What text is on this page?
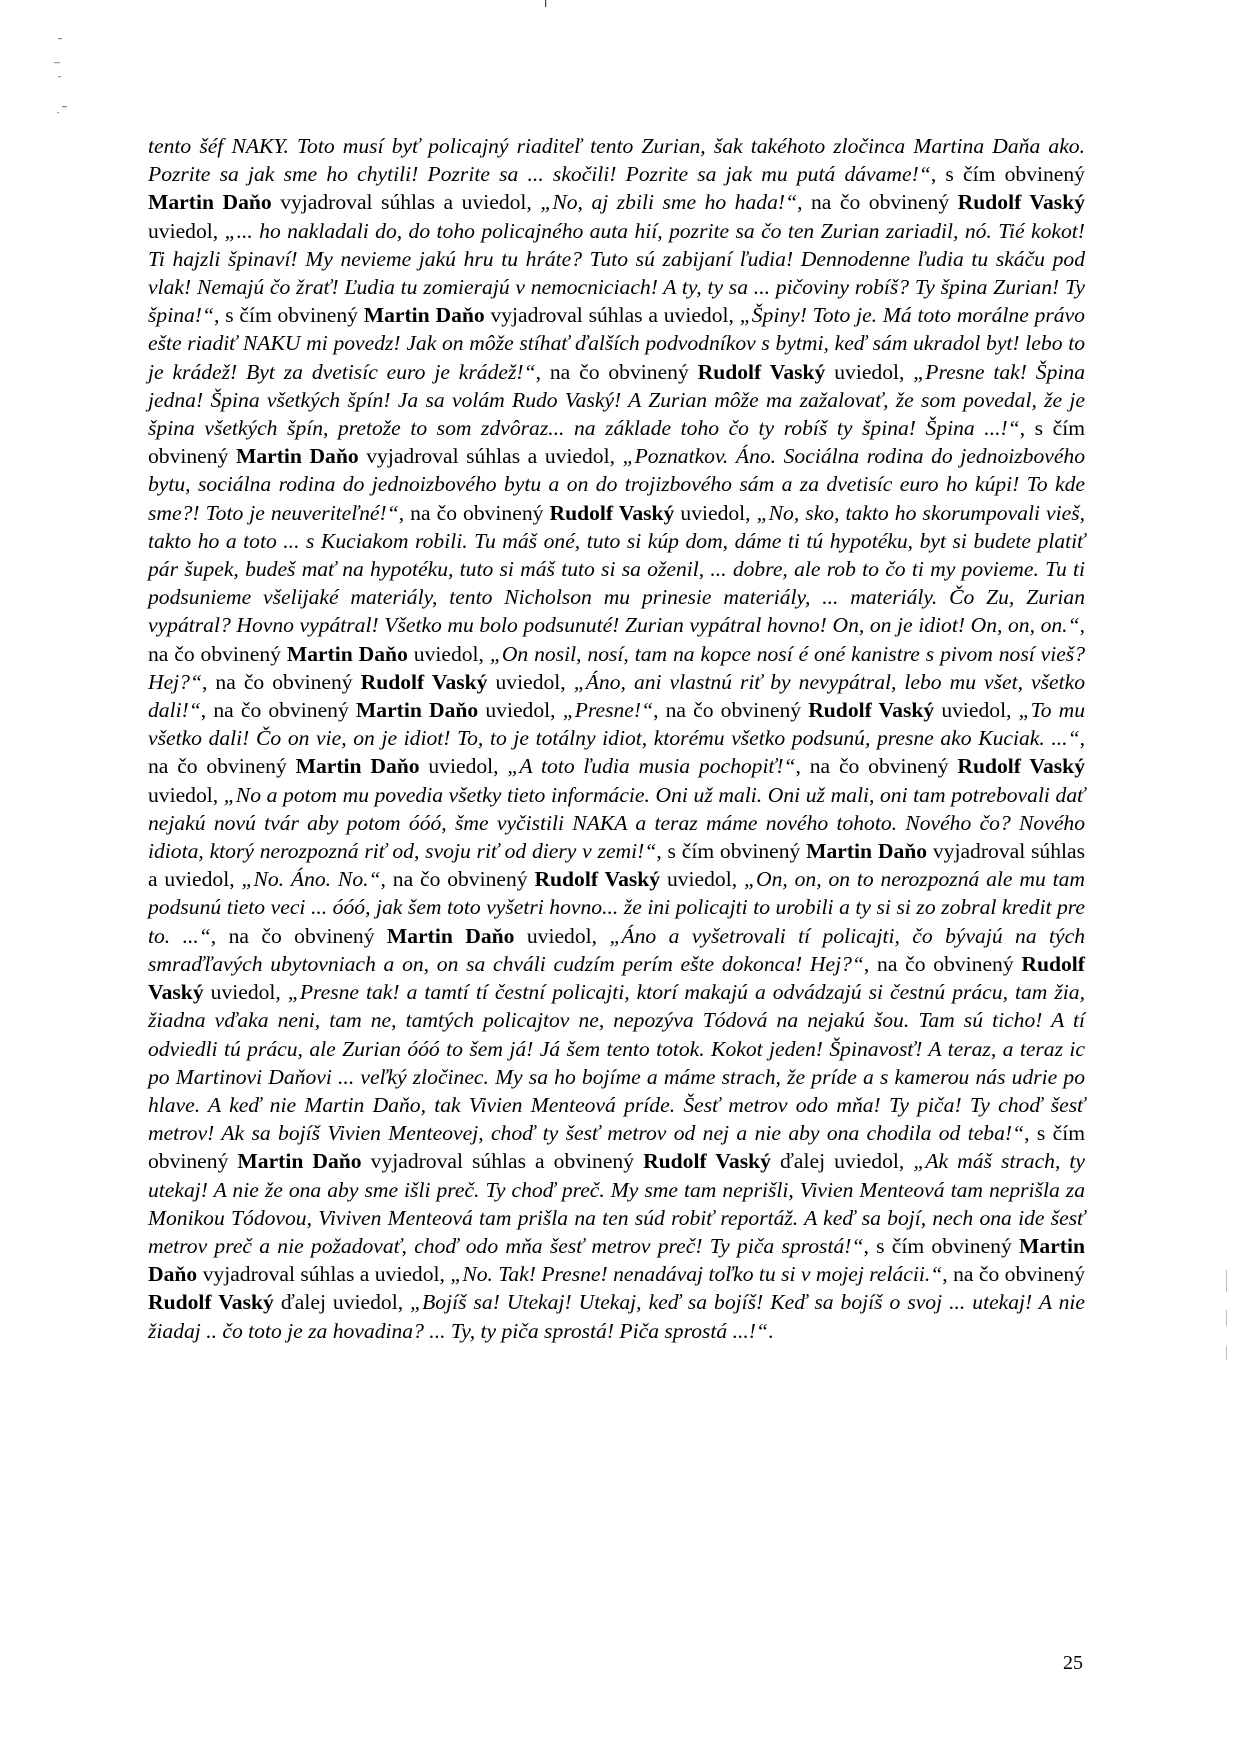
tento šéf NAKY. Toto musí byť policajný riaditeľ tento Zurian, šak takéhoto zločinca Martina Daňa ako. Pozrite sa jak sme ho chytili! Pozrite sa ... skočili! Pozrite sa jak mu putá dávame!“, s čím obvinený Martin Daňo vyjadroval súhlas a uviedol, „No, aj zbili sme ho hada!“, na čo obvinený Rudolf Vaský uviedol, „... ho nakladali do, do toho policajného auta hií, pozrite sa čo ten Zurian zariadil, nó. Tié kokot! Ti hajzli špinaví! My nevieme jakú hru tu hráte? Tuto sú zabijaní ľudia! Dennodenne ľudia tu skáču pod vlak! Nemajú čo žrať! Ľudia tu zomierajú v nemocniciach! A ty, ty sa ... pičoviny robíš? Ty špina Zurian! Ty špina!“, s čím obvinený Martin Daňo vyjadroval súhlas a uviedol, „Špiny! Toto je. Má toto morálne právo ešte riadiť NAKU mi povedz! Jak on môže stíhať ďalších podvodníkov s bytmi, keď sám ukradol byt! lebo to je krádež! Byt za dvetisíc euro je krádež!“, na čo obvinený Rudolf Vaský uviedol, „Presne tak! Špina jedna! Špina všetkých špín! Ja sa volám Rudo Vaský! A Zurian môže ma zažalovať, že som povedal, že je špina všetkých špín, pretože to som zdvôraz... na základe toho čo ty robíš ty špina! Špina ...!“, s čím obvinený Martin Daňo vyjadroval súhlas a uviedol, „Poznatkov. Áno. Sociálna rodina do jednoizbového bytu, sociálna rodina do jednoizbového bytu a on do trojizbového sám a za dvetisíc euro ho kúpi! To kde sme?! Toto je neuveriteľné!“, na čo obvinený Rudolf Vaský uviedol, „No, sko, takto ho skorumpovali vieš, takto ho a toto ... s Kuciakom robili. Tu máš oné, tuto si kúp dom, dáme ti tú hypotéku, byt si budete platiť pár šupek, budeš mať na hypotéku, tuto si máš tuto si sa oženil, ... dobre, ale rob to čo ti my povieme. Tu ti podsunieme všelijaké materiály, tento Nicholson mu prinesie materiály, ... materiály. Čo Zu, Zurian vypátral? Hovno vypátral! Všetko mu bolo podsunuté! Zurian vypátral hovno! On, on je idiot! On, on, on.“, na čo obvinený Martin Daňo uviedol, „On nosil, nosí, tam na kopce nosí é oné kanistre s pivom nosí vieš? Hej?“, na čo obvinený Rudolf Vaský uviedol, „Áno, ani vlastnú riť by nevypátral, lebo mu všet, všetko dali!“, na čo obvinený Martin Daňo uviedol, „Presne!“, na čo obvinený Rudolf Vaský uviedol, „To mu všetko dali! Čo on vie, on je idiot! To, to je totálny idiot, ktorému všetko podsunú, presne ako Kuciak. ...“, na čo obvinený Martin Daňo uviedol, „A toto ľudia musia pochopiť!“, na čo obvinený Rudolf Vaský uviedol, „No a potom mu povedia všetky tieto informácie. Oni už mali. Oni už mali, oni tam potrebovali dať nejakú novú tvár aby potom óóó, šme vyčistili NAKA a teraz máme nového tohoto. Nového čo? Nového idiota, ktorý nerozpozná riť od, svoju riť od diery v zemi!“, s čím obvinený Martin Daňo vyjadroval súhlas a uviedol, „No. Áno. No.“, na čo obvinený Rudolf Vaský uviedol, „On, on, on to nerozpozná ale mu tam podsunú tieto veci ... óóó, jak šem toto vyšetri hovno... že ini policajti to urobili a ty si si zo zobral kredit pre to. ...“, na čo obvinený Martin Daňo uviedol, „Áno a vyšetrovali tí policajti, čo bývajú na tých smraďľavých ubytovniach a on, on sa chváli cudzím perím ešte dokonca! Hej?“, na čo obvinený Rudolf Vaský uviedol, „Presne tak! a tamtí tí čestní policajti, ktorí makajú a odvádzajú si čestnú prácu, tam žia, žiadna vďaka neni, tam ne, tamtých policajtov ne, nepozýva Tódová na nejakú šou. Tam sú ticho! A tí odviedli tú prácu, ale Zurian óóó to šem já! Já šem tento totok. Kokot jeden! Špinavosť! A teraz, a teraz ic po Martinovi Daňovi ... veľký zločinec. My sa ho bojíme a máme strach, že príde a s kamerou nás udrie po hlave. A keď nie Martin Daňo, tak Vivien Menteová príde. Šesť metrov odo mňa! Ty piča! Ty choď šesť metrov! Ak sa bojíš Vivien Menteovej, choď ty šesť metrov od nej a nie aby ona chodila od teba!“, s čím obvinený Martin Daňo vyjadroval súhlas a obvinený Rudolf Vaský ďalej uviedol, „Ak máš strach, ty utekaj! A nie že ona aby sme išli preč. Ty choď preč. My sme tam neprišli, Vivien Menteová tam neprišla za Monikou Tódovou, Viviven Menteová tam prišla na ten súd robiť reportáž. A keď sa bojí, nech ona ide šesť metrov preč a nie požadovať, choď odo mňa šesť metrov preč! Ty piča sprostá!“, s čím obvinený Martin Daňo vyjadroval súhlas a uviedol, „No. Tak! Presne! nenadávaj toľko tu si v mojej relácii.“, na čo obvinený Rudolf Vaský ďalej uviedol, „Bojíš sa! Utekaj! Utekaj, keď sa bojíš! Keď sa bojíš o svoj ... utekaj! A nie žiadaj .. čo toto je za hovadina? ... Ty, ty piča sprostá! Piča sprostá ...!“.

25
